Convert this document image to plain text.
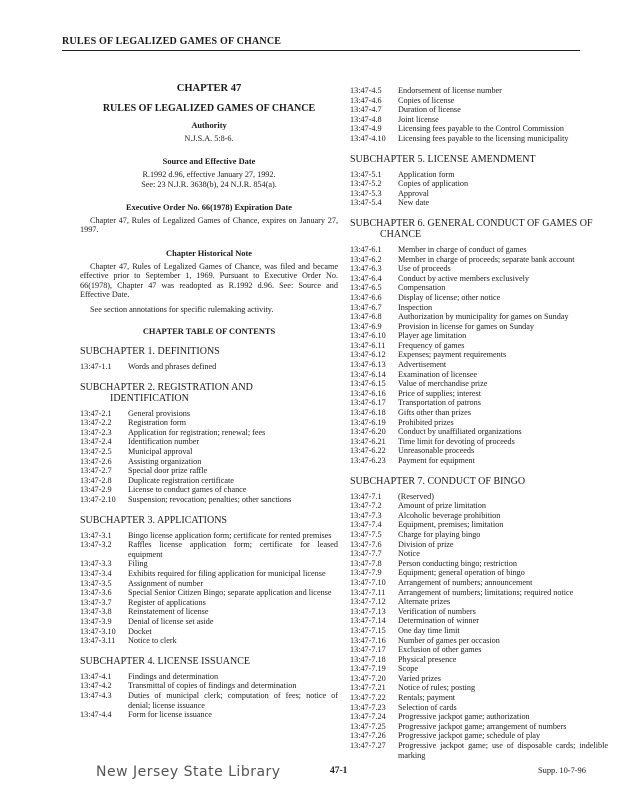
RULES OF LEGALIZED GAMES OF CHANCE
CHAPTER 47
RULES OF LEGALIZED GAMES OF CHANCE
Authority
N.J.S.A. 5:8-6.
Source and Effective Date
R.1992 d.96, effective January 27, 1992.
See: 23 N.J.R. 3638(b), 24 N.J.R. 854(a).
Executive Order No. 66(1978) Expiration Date
Chapter 47, Rules of Legalized Games of Chance, expires on January 27, 1997.
Chapter Historical Note
Chapter 47, Rules of Legalized Games of Chance, was filed and became effective prior to September 1, 1969. Pursuant to Executive Order No. 66(1978), Chapter 47 was readopted as R.1992 d.96. See: Source and Effective Date.
See section annotations for specific rulemaking activity.
CHAPTER TABLE OF CONTENTS
SUBCHAPTER 1. DEFINITIONS
13:47-1.1	Words and phrases defined
SUBCHAPTER 2. REGISTRATION AND
IDENTIFICATION
13:47-2.1	General provisions
13:47-2.2	Registration form
13:47-2.3	Application for registration; renewal; fees
13:47-2.4	Identification number
13:47-2.5	Municipal approval
13:47-2.6	Assisting organization
13:47-2.7	Special door prize raffle
13:47-2.8	Duplicate registration certificate
13:47-2.9	License to conduct games of chance
13:47-2.10	Suspension; revocation; penalties; other sanctions
SUBCHAPTER 3. APPLICATIONS
13:47-3.1	Bingo license application form; certificate for rented premises
13:47-3.2	Raffles license application form; certificate for leased equipment
13:47-3.3	Filing
13:47-3.4	Exhibits required for filing application for municipal license
13:47-3.5	Assignment of number
13:47-3.6	Special Senior Citizen Bingo; separate application and license
13:47-3.7	Register of applications
13:47-3.8	Reinstatement of license
13:47-3.9	Denial of license set aside
13:47-3.10	Docket
13:47-3.11	Notice to clerk
SUBCHAPTER 4. LICENSE ISSUANCE
13:47-4.1	Findings and determination
13:47-4.2	Transmittal of copies of findings and determination
13:47-4.3	Duties of municipal clerk; computation of fees; notice of denial; license issuance
13:47-4.4	Form for license issuance
13:47-4.5	Endorsement of license number
13:47-4.6	Copies of license
13:47-4.7	Duration of license
13:47-4.8	Joint license
13:47-4.9	Licensing fees payable to the Control Commission
13:47-4.10	Licensing fees payable to the licensing municipality
SUBCHAPTER 5. LICENSE AMENDMENT
13:47-5.1	Application form
13:47-5.2	Copies of application
13:47-5.3	Approval
13:47-5.4	New date
SUBCHAPTER 6. GENERAL CONDUCT OF GAMES OF
CHANCE
13:47-6.1	Member in charge of conduct of games
13:47-6.2	Member in charge of proceeds; separate bank account
13:47-6.3	Use of proceeds
13:47-6.4	Conduct by active members exclusively
13:47-6.5	Compensation
13:47-6.6	Display of license; other notice
13:47-6.7	Inspection
13:47-6.8	Authorization by municipality for games on Sunday
13:47-6.9	Provision in license for games on Sunday
13:47-6.10	Player age limitation
13:47-6.11	Frequency of games
13:47-6.12	Expenses; payment requirements
13:47-6.13	Advertisement
13:47-6.14	Examination of licensee
13:47-6.15	Value of merchandise prize
13:47-6.16	Price of supplies; interest
13:47-6.17	Transportation of patrons
13:47-6.18	Gifts other than prizes
13:47-6.19	Prohibited prizes
13:47-6.20	Conduct by unaffiliated organizations
13:47-6.21	Time limit for devoting of proceeds
13:47-6.22	Unreasonable proceeds
13:47-6.23	Payment for equipment
SUBCHAPTER 7. CONDUCT OF BINGO
13:47-7.1	(Reserved)
13:47-7.2	Amount of prize limitation
13:47-7.3	Alcoholic beverage prohibition
13:47-7.4	Equipment, premises; limitation
13:47-7.5	Charge for playing bingo
13:47-7.6	Division of prize
13:47-7.7	Notice
13:47-7.8	Person conducting bingo; restriction
13:47-7.9	Equipment; general operation of bingo
13:47-7.10	Arrangement of numbers; announcement
13:47-7.11	Arrangement of numbers; limitations; required notice
13:47-7.12	Alternate prizes
13:47-7.13	Verification of numbers
13:47-7.14	Determination of winner
13:47-7.15	One day time limit
13:47-7.16	Number of games per occasion
13:47-7.17	Exclusion of other games
13:47-7.18	Physical presence
13:47-7.19	Scope
13:47-7.20	Varied prizes
13:47-7.21	Notice of rules; posting
13:47-7.22	Rentals; payment
13:47-7.23	Selection of cards
13:47-7.24	Progressive jackpot game; authorization
13:47-7.25	Progressive jackpot game; arrangement of numbers
13:47-7.26	Progressive jackpot game; schedule of play
13:47-7.27	Progressive jackpot game; use of disposable cards; indelible marking
New Jersey State Library	47-1	Supp. 10-7-96
